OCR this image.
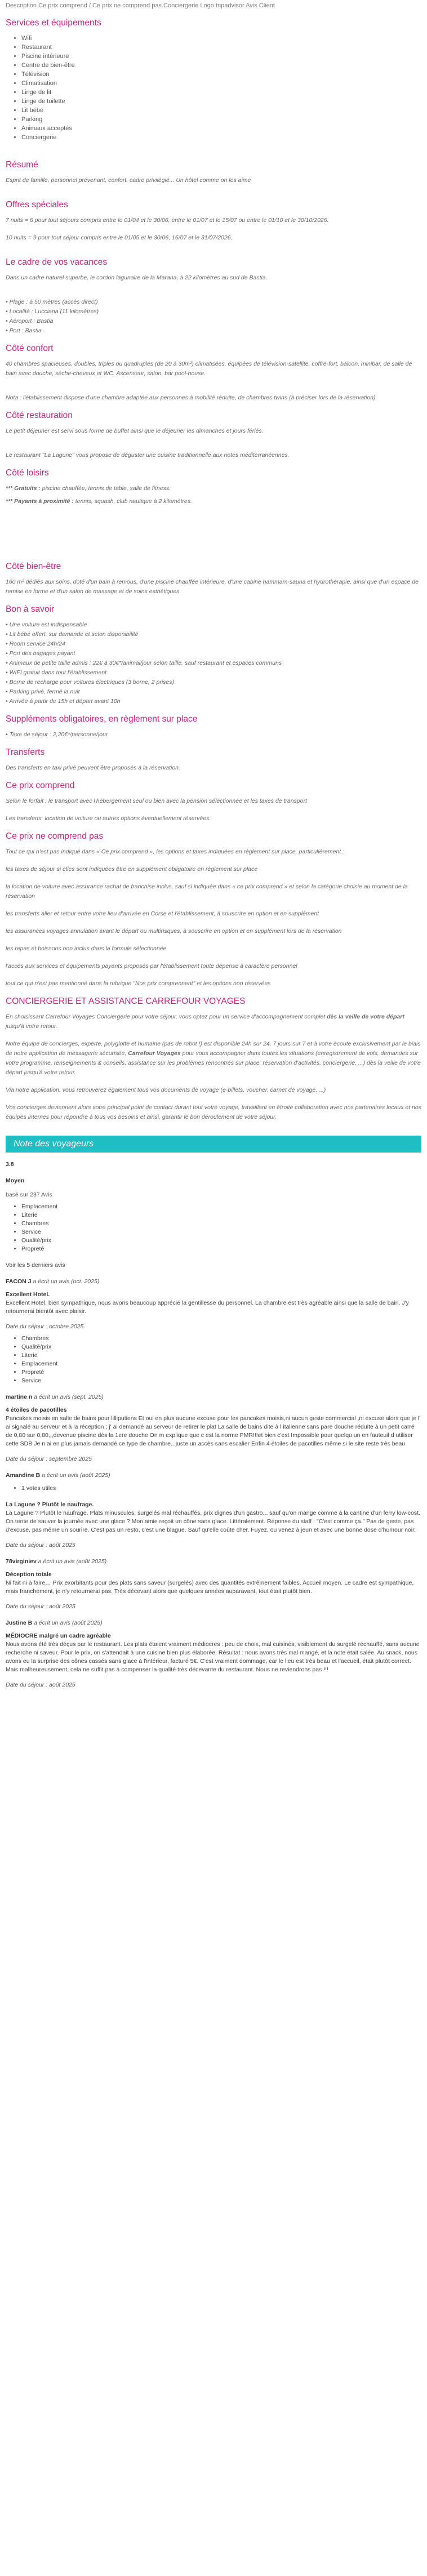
Description Ce prix comprend / Ce prix ne comprend pas Conciergerie Logo tripadvisor Avis Client
Services et équipements
• Wifi
• Restaurant
• Piscine intérieure
• Centre de bien-être
• Télévision
• Climatisation
• Linge de lit
• Linge de toilette
• Lit bébé
• Parking
• Animaux acceptés
• Conciergerie
Résumé

Esprit de famille, personnel prévenant, confort, cadre privilégié... Un hôtel comme on les aime

Offres spéciales

7 nuits = 6 pour tout séjours compris entre le 01/04 et le 30/06, entre le 01/07 et le 15/07 ou entre le 01/10 et le 30/10/2026.

10 nuits = 9 pour tout séjour compris entre le 01/05 et le 30/06, 16/07 et le 31/07/2026.

Le cadre de vos vacances

Dans un cadre naturel superbe, le cordon lagunaire de la Marana, à 22 kilomètres au sud de Bastia.

• Plage : à 50 mètres (accès direct)
• Localité : Lucciana (11 kilomètres)
• Aéroport : Bastia
• Port : Bastia
Côté confort

40 chambres spacieuses, doubles, triples ou quadruples (de 20 à 30m²) climatisées, équipées de télévision-satellite, coffre-fort, balcon, minibar, de salle de bain avec douche, sèche-cheveux et WC. Ascenseur, salon, bar pool-house.

Nota : l'établissement dispose d'une chambre adaptée aux personnes à mobilité réduite, de chambres twins (à préciser lors de la réservation).

Côté restauration

Le petit déjeuner est servi sous forme de buffet ainsi que le déjeuner les dimanches et jours fériés.

Le restaurant "La Lagune" vous propose de déguster une cuisine traditionnelle aux notes méditerranéennes.

Côté loisirs

*** Gratuits : piscine chauffée, tennis de table, salle de fitness.

*** Payants à proximité : tennis, squash, club nautique à 2 kilomètres.

Côté bien-être

160 m² dédiés aux soins, doté d'un bain à remous, d'une piscine chauffée intérieure, d'une cabine hammam-sauna et hydrothérapie, ainsi que d'un espace de remise en forme et d'un salon de massage et de soins esthétiques.

Bon à savoir
• Une voiture est indispensable
• Lit bébé offert, sur demande et selon disponibilité
• Room service 24h/24
• Port des bagages payant
• Animaux de petite taille admis : 22€ à 30€*/animal/jour selon taille, sauf restaurant et espaces communs
• WIFI gratuit dans tout l'établissement
• Borne de recharge pour voitures électriques (3 borne, 2 prises)
• Parking privé, fermé la nuit
• Arrivée à partir de 15h et départ avant 10h
Suppléments obligatoires, en règlement sur place
• Taxe de séjour : 2,20€*/personne/jour
Transferts

Des transferts en taxi privé peuvent être proposés à la réservation.

Ce prix comprend

Selon le forfait : le transport avec l'hébergement seul ou bien avec la pension sélectionnée et les taxes de transport

Les transferts, location de voiture ou autres options éventuellement réservées.

Ce prix ne comprend pas

Tout ce qui n'est pas indiqué dans « Ce prix comprend », les options et taxes indiquées en règlement sur place, particulièrement :

les taxes de séjour si elles sont indiquées être en supplément obligatoire en règlement sur place

la location de voiture avec assurance rachat de franchise inclus, sauf si indiquée dans « ce prix comprend » et selon la catégorie choisie au moment de la réservation

les transferts aller et retour entre votre lieu d'arrivée en Corse et l'établissement, à souscrire en option et en supplément

les assurances voyages annulation avant le départ ou multirisques, à souscrire en option et en supplément lors de la réservation

les repas et boissons non inclus dans la formule sélectionnée

l'accès aux services et équipements payants proposés par l'établissement toute dépense à caractère personnel

tout ce qui n'est pas mentionné dans la rubrique "Nos prix comprennent" et les options non réservées

CONCIERGERIE ET ASSISTANCE CARREFOUR VOYAGES

En choisissant Carrefour Voyages Conciergerie pour votre séjour, vous optez pour un service d'accompagnement complet dès la veille de votre départ jusqu'à votre retour.

Notre équipe de concierges, experte, polyglotte et humaine (pas de robot !) est disponible 24h sur 24, 7 jours sur 7 et à votre écoute exclusivement par le biais de notre application de messagerie sécurisée, Carrefour Voyages pour vous accompagner dans toutes les situations (enregistrement de vols, demandes sur votre programme, renseignements & conseils, assistance sur les problèmes rencontrés sur place, réservation d'activités, conciergerie, ...) dès la veille de votre départ jusqu'à votre retour.

Via notre application, vous retrouverez également tous vos documents de voyage (e-billets, voucher, carnet de voyage, ...)

Vos concierges deviennent alors votre principal point de contact durant tout votre voyage, travaillant en étroite collaboration avec nos partenaires locaux et nos équipes internes pour répondre à tous vos besoins et ainsi, garantir le bon déroulement de votre séjour.

Note des voyageurs

3.8

Moyen

basé sur 237 Avis

• Emplacement
• Literie
• Chambres
• Service
• Qualité/prix
• Propreté

Voir les 5 derniers avis

FACON J a écrit un avis (oct. 2025)

Excellent Hotel.
Excellent Hotel, bien sympathique, nous avons beaucoup apprécié la gentillesse du personnel. La chambre est très agréable ainsi que la salle de bain. J'y retournerai bientôt avec plaisir.

Date du séjour : octobre 2025

• Chambres
• Qualité/prix
• Literie
• Emplacement
• Propreté
• Service

martine n a écrit un avis (sept. 2025)

4 étoiles de pacotilles
Pancakes moisis en salle de bains pour lilliputiens Et oui en plus aucune excuse pour les pancakes moisis,ni aucun geste commercial ,ni excuse alors que je l' ai signalé au serveur et à la réception ; j' ai demandé au serveur de retirer le plat La salle de bains dite à l italienne sans pare douche réduite à un petit carré de 0,80 sur 0,80,,,devenue piscine dès la 1ere douche On m explique que c est la norme PMR!!!et bien c'est Impossible pour quelqu un en fauteuil d utiliser cette SDB Je n ai en plus jamais demandé ce type de chambre...juste un accès sans escalier Enfin 4 étoiles de pacotilles même si le site reste très beau

Date du séjour : septembre 2025

Amandine B a écrit un avis (août 2025)

• 1 votes utiles

La Lagune ? Plutôt le naufrage.
La Lagune ? Plutôt le naufrage. Plats minuscules, surgelés mal réchauffés, prix dignes d'un gastro... sauf qu'on mange comme à la cantine d'un ferry low-cost. On tente de sauver la journée avec une glace ? Mon amie reçoit un cône sans glace. Littéralement. Réponse du staff : "C'est comme ça." Pas de geste, pas d'excuse, pas même un sourire. C'est pas un resto, c'est une blague. Sauf qu'elle coûte cher. Fuyez, ou venez à jeun et avec une bonne dose d'humour noir.

Date du séjour : août 2025

78virginiev a écrit un avis (août 2025)

Déception totale
Ni fait ni à faire… Prix exorbitants pour des plats sans saveur (surgelés) avec des quantités extrêmement faibles. Accueil moyen. Le cadre est sympathique, mais franchement, je n'y retournerai pas. Très décevant alors que quelques années auparavant, tout était plutôt bien.

Date du séjour : août 2025

Justine B a écrit un avis (août 2025)

MÉDIOCRE malgré un cadre agréable
Nous avons été très déçus par le restaurant. Les plats étaient vraiment médiocres : peu de choix, mal cuisinés, visiblement du surgelé réchauffé, sans aucune recherche ni saveur. Pour le prix, on s'attendait à une cuisine bien plus élaborée. Résultat : nous avons très mal mangé, et la note était salée. Au snack, nous avons eu la surprise des cônes cassés sans glace à l'intérieur, facturé 5€. C'est vraiment dommage, car le lieu est très beau et l'accueil, était plutôt correct. Mais malheureusement, cela ne suffit pas à compenser la qualité très décevante du restaurant. Nous ne reviendrons pas !!!

Date du séjour : août 2025
